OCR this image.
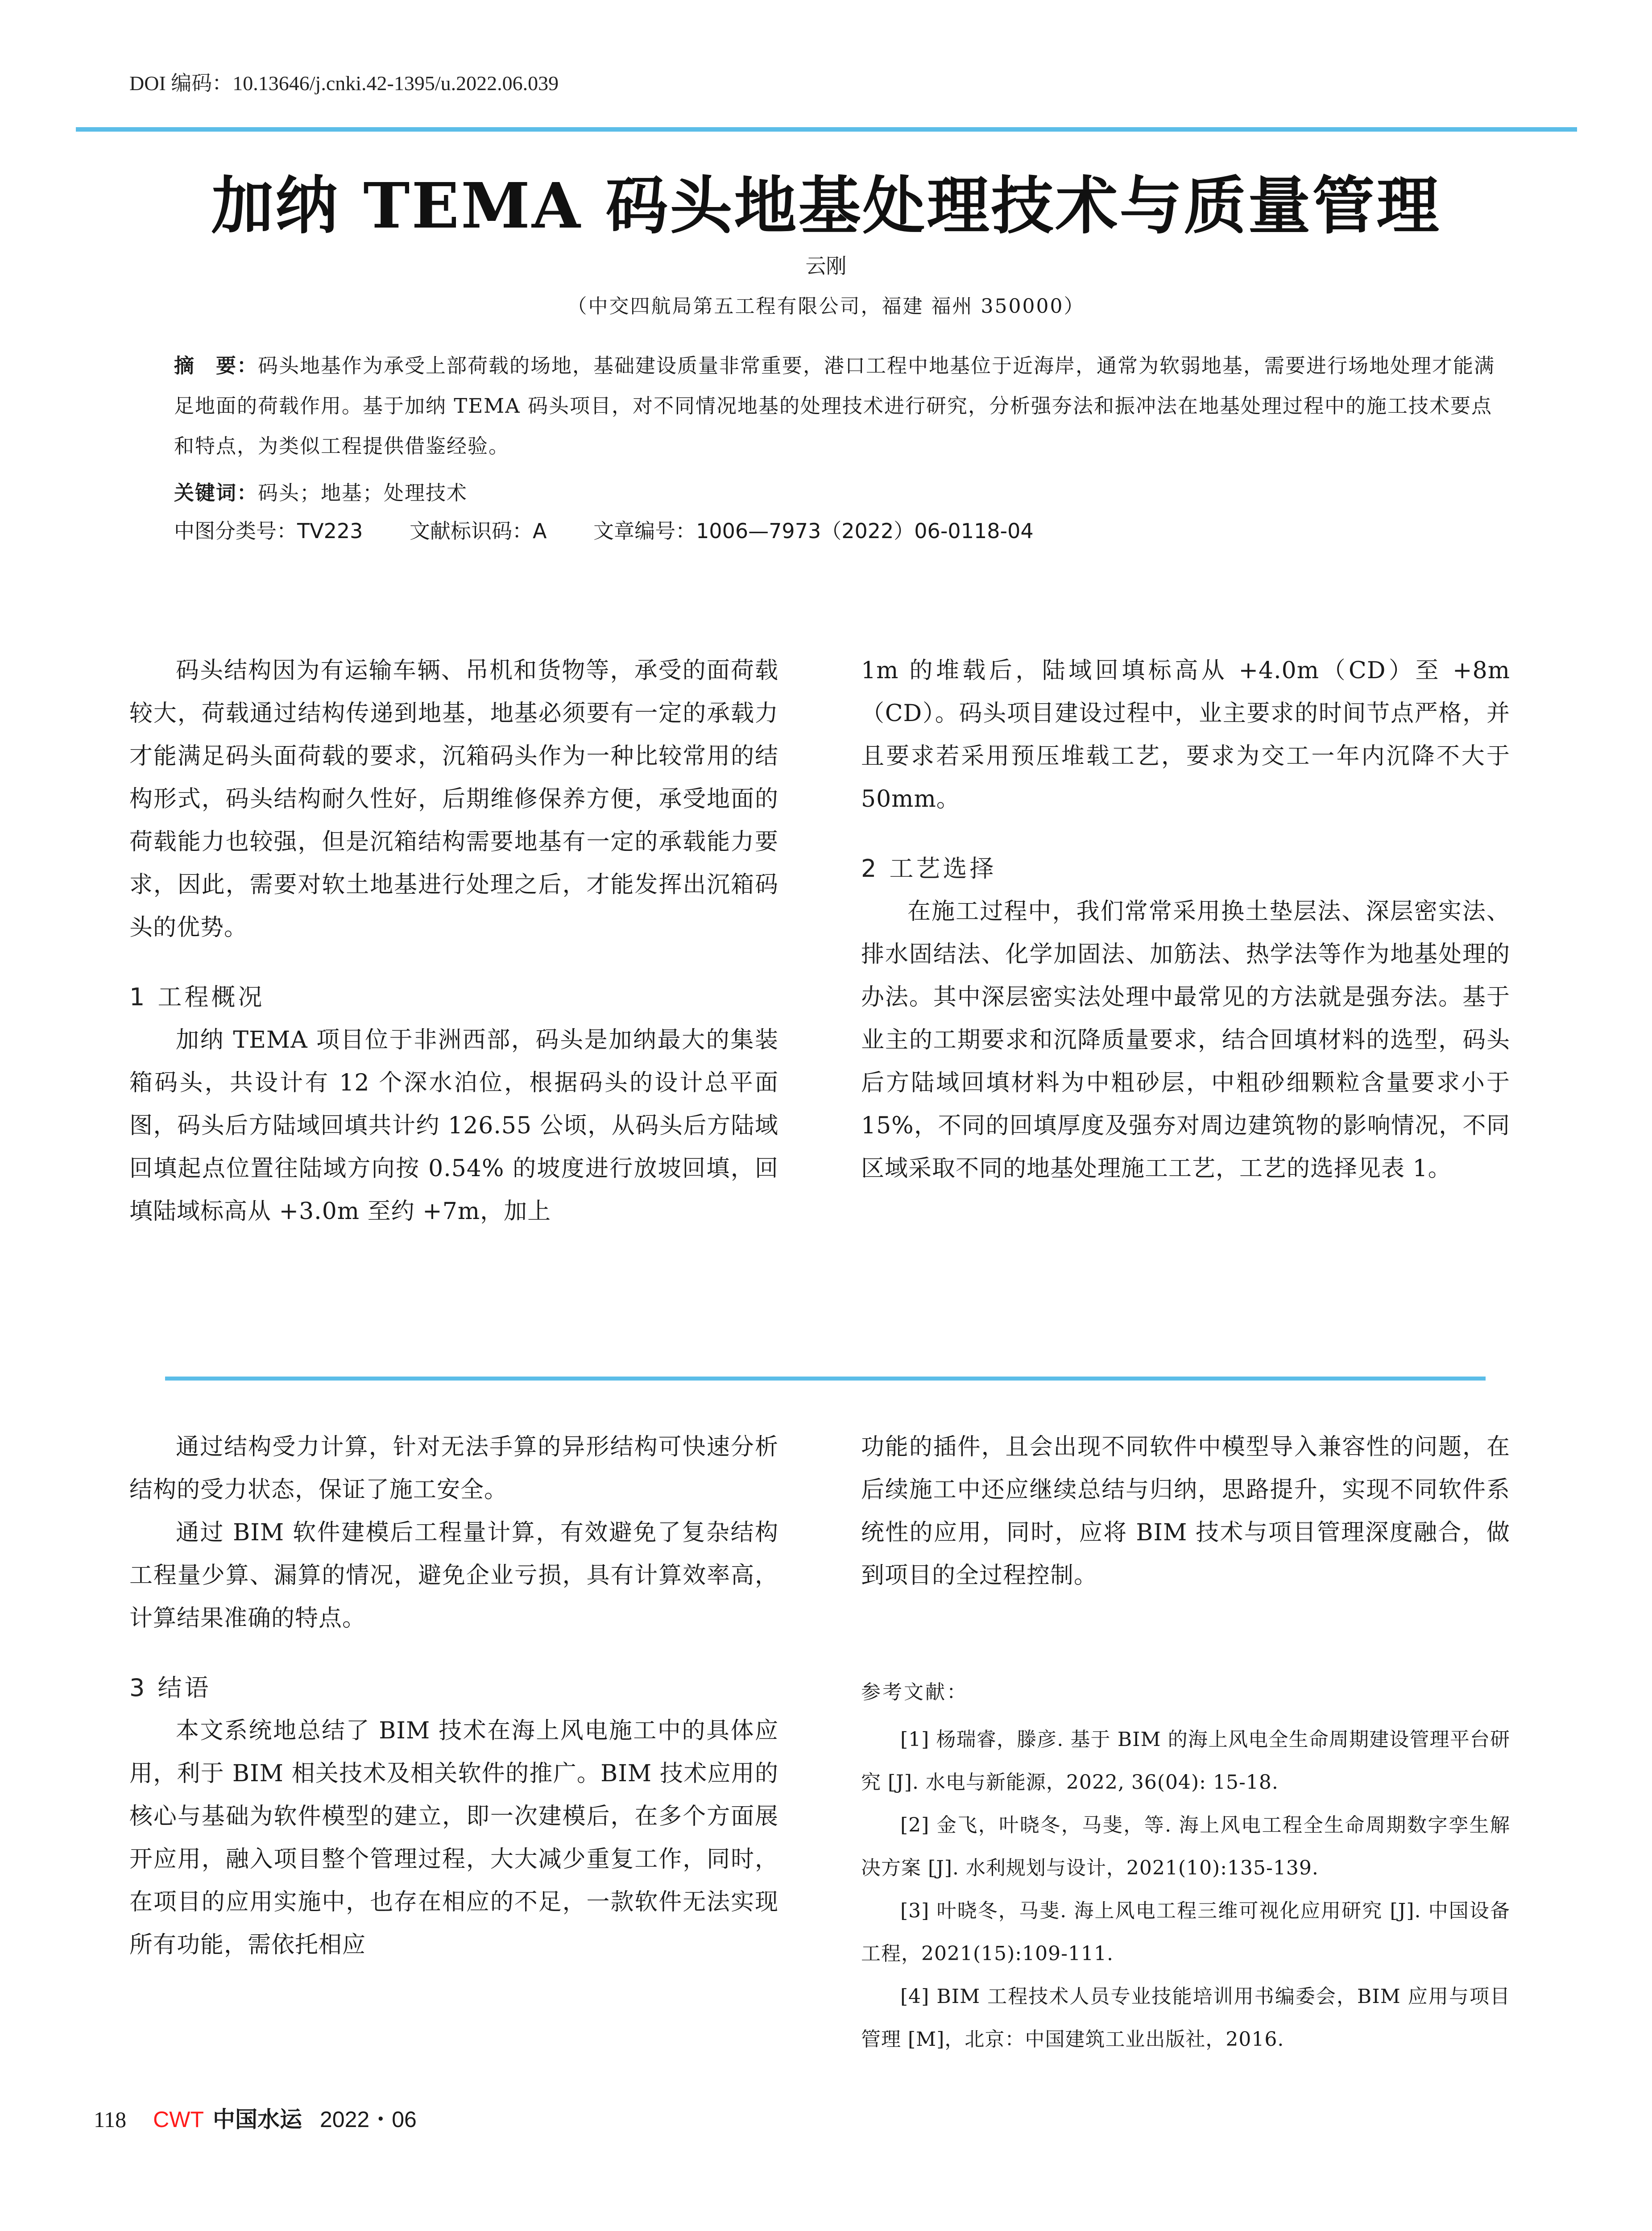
DOI 编码：10.13646/j.cnki.42-1395/u.2022.06.039
加纳 TEMA 码头地基处理技术与质量管理
云刚
（中交四航局第五工程有限公司，福建 福州 350000）
摘　要：码头地基作为承受上部荷载的场地，基础建设质量非常重要，港口工程中地基位于近海岸，通常为软弱地基，需要进行场地处理才能满足地面的荷载作用。基于加纳 TEMA 码头项目，对不同情况地基的处理技术进行研究，分析强夯法和振冲法在地基处理过程中的施工技术要点和特点，为类似工程提供借鉴经验。
关键词：码头；地基；处理技术
中图分类号：TV223 文献标识码：A 文章编号：1006—7973（2022）06-0118-04

码头结构因为有运输车辆、吊机和货物等，承受的面荷载较大，荷载通过结构传递到地基，地基必须要有一定的承载力才能满足码头面荷载的要求，沉箱码头作为一种比较常用的结构形式，码头结构耐久性好，后期维修保养方便，承受地面的荷载能力也较强，但是沉箱结构需要地基有一定的承载能力要求，因此，需要对软土地基进行处理之后，才能发挥出沉箱码头的优势。

1 工程概况

加纳 TEMA 项目位于非洲西部，码头是加纳最大的集装箱码头，共设计有 12 个深水泊位，根据码头的设计总平面图，码头后方陆域回填共计约 126.55 公顷，从码头后方陆域回填起点位置往陆域方向按 0.54% 的坡度进行放坡回填，回填陆域标高从 +3.0m 至约 +7m，加上

1m 的堆载后，陆域回填标高从 +4.0m（CD）至 +8m（CD）。码头项目建设过程中，业主要求的时间节点严格，并且要求若采用预压堆载工艺，要求为交工一年内沉降不大于 50mm。

2 工艺选择

在施工过程中，我们常常采用换土垫层法、深层密实法、排水固结法、化学加固法、加筋法、热学法等作为地基处理的办法。其中深层密实法处理中最常见的方法就是强夯法。基于业主的工期要求和沉降质量要求，结合回填材料的选型，码头后方陆域回填材料为中粗砂层，中粗砂细颗粒含量要求小于 15%，不同的回填厚度及强夯对周边建筑物的影响情况，不同区域采取不同的地基处理施工工艺，工艺的选择见表 1。

通过结构受力计算，针对无法手算的异形结构可快速分析结构的受力状态，保证了施工安全。

通过 BIM 软件建模后工程量计算，有效避免了复杂结构工程量少算、漏算的情况，避免企业亏损，具有计算效率高，计算结果准确的特点。

3 结语

本文系统地总结了 BIM 技术在海上风电施工中的具体应用，利于 BIM 相关技术及相关软件的推广。BIM 技术应用的核心与基础为软件模型的建立，即一次建模后，在多个方面展开应用，融入项目整个管理过程，大大减少重复工作，同时，在项目的应用实施中，也存在相应的不足，一款软件无法实现所有功能，需依托相应

功能的插件，且会出现不同软件中模型导入兼容性的问题，在后续施工中还应继续总结与归纳，思路提升，实现不同软件系统性的应用，同时，应将 BIM 技术与项目管理深度融合，做到项目的全过程控制。

参考文献：

[1] 杨瑞睿，滕彦. 基于 BIM 的海上风电全生命周期建设管理平台研究 [J]. 水电与新能源，2022, 36(04): 15-18.

[2] 金飞，叶晓冬，马斐，等. 海上风电工程全生命周期数字孪生解决方案 [J]. 水利规划与设计，2021(10):135-139.

[3] 叶晓冬，马斐. 海上风电工程三维可视化应用研究 [J]. 中国设备工程，2021(15):109-111.

[4] BIM 工程技术人员专业技能培训用书编委会，BIM 应用与项目管理 [M]，北京：中国建筑工业出版社，2016.

118 CWT 中国水运 2022・06
